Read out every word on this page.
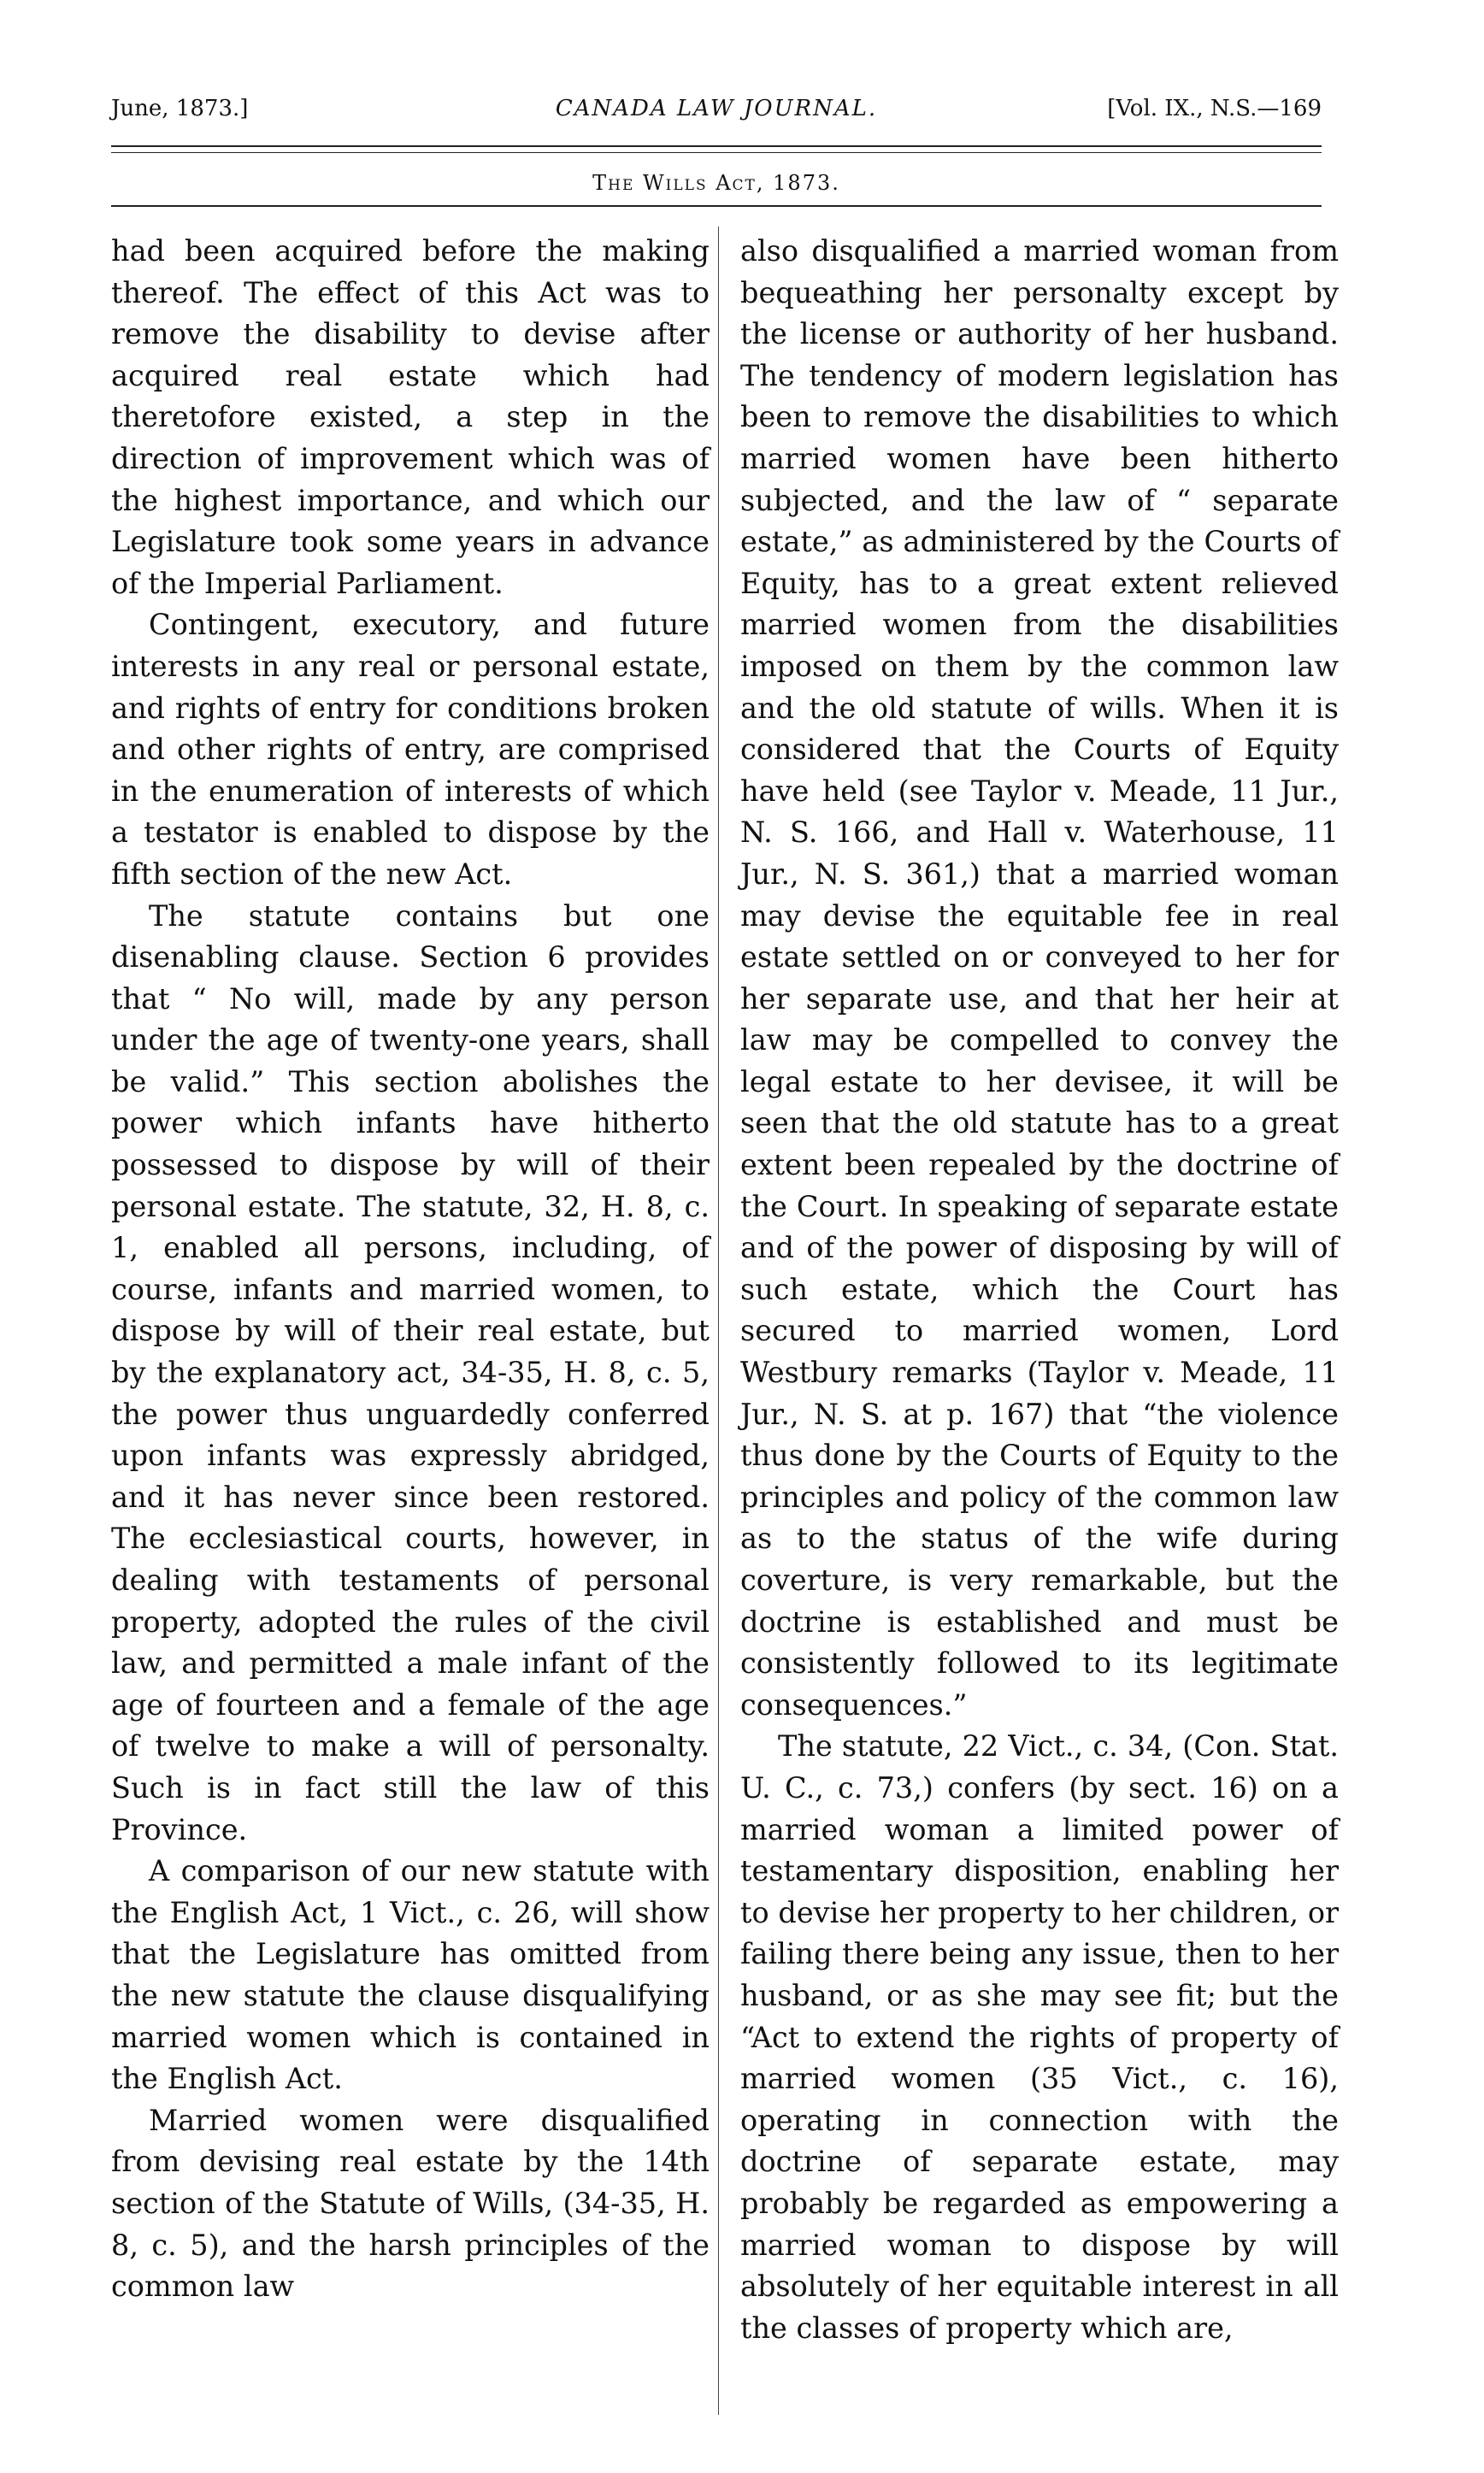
June, 1873.]	CANADA LAW JOURNAL.	[Vol. IX., N.S.—169
The Wills Act, 1873.

had been acquired before the making thereof. The effect of this Act was to remove the disability to devise after acquired real estate which had theretofore existed, a step in the direction of improvement which was of the highest importance, and which our Legislature took some years in advance of the Imperial Parliament.

Contingent, executory, and future interests in any real or personal estate, and rights of entry for conditions broken and other rights of entry, are comprised in the enumeration of interests of which a testator is enabled to dispose by the fifth section of the new Act.

The statute contains but one disenabling clause. Section 6 provides that “ No will, made by any person under the age of twenty-one years, shall be valid.” This section abolishes the power which infants have hitherto possessed to dispose by will of their personal estate. The statute, 32, H. 8, c. 1, enabled all persons, including, of course, infants and married women, to dispose by will of their real estate, but by the explanatory act, 34-35, H. 8, c. 5, the power thus unguardedly conferred upon infants was expressly abridged, and it has never since been restored. The ecclesiastical courts, however, in dealing with testaments of personal property, adopted the rules of the civil law, and permitted a male infant of the age of fourteen and a female of the age of twelve to make a will of personalty. Such is in fact still the law of this Province.

A comparison of our new statute with the English Act, 1 Vict., c. 26, will show that the Legislature has omitted from the new statute the clause disqualifying married women which is contained in the English Act.

Married women were disqualified from devising real estate by the 14th section of the Statute of Wills, (34-35, H. 8, c. 5), and the harsh principles of the common law

also disqualified a married woman from bequeathing her personalty except by the license or authority of her husband. The tendency of modern legislation has been to remove the disabilities to which married women have been hitherto subjected, and the law of “ separate estate,” as administered by the Courts of Equity, has to a great extent relieved married women from the disabilities imposed on them by the common law and the old statute of wills. When it is considered that the Courts of Equity have held (see Taylor v. Meade, 11 Jur., N. S. 166, and Hall v. Waterhouse, 11 Jur., N. S. 361,) that a married woman may devise the equitable fee in real estate settled on or conveyed to her for her separate use, and that her heir at law may be compelled to convey the legal estate to her devisee, it will be seen that the old statute has to a great extent been repealed by the doctrine of the Court. In speaking of separate estate and of the power of disposing by will of such estate, which the Court has secured to married women, Lord Westbury remarks (Taylor v. Meade, 11 Jur., N. S. at p. 167) that “the violence thus done by the Courts of Equity to the principles and policy of the common law as to the status of the wife during coverture, is very remarkable, but the doctrine is established and must be consistently followed to its legitimate consequences.”

The statute, 22 Vict., c. 34, (Con. Stat. U. C., c. 73,) confers (by sect. 16) on a married woman a limited power of testamentary disposition, enabling her to devise her property to her children, or failing there being any issue, then to her husband, or as she may see fit; but the “Act to extend the rights of property of married women (35 Vict., c. 16), operating in connection with the doctrine of separate estate, may probably be regarded as empowering a married woman to dispose by will absolutely of her equitable interest in all the classes of property which are,
